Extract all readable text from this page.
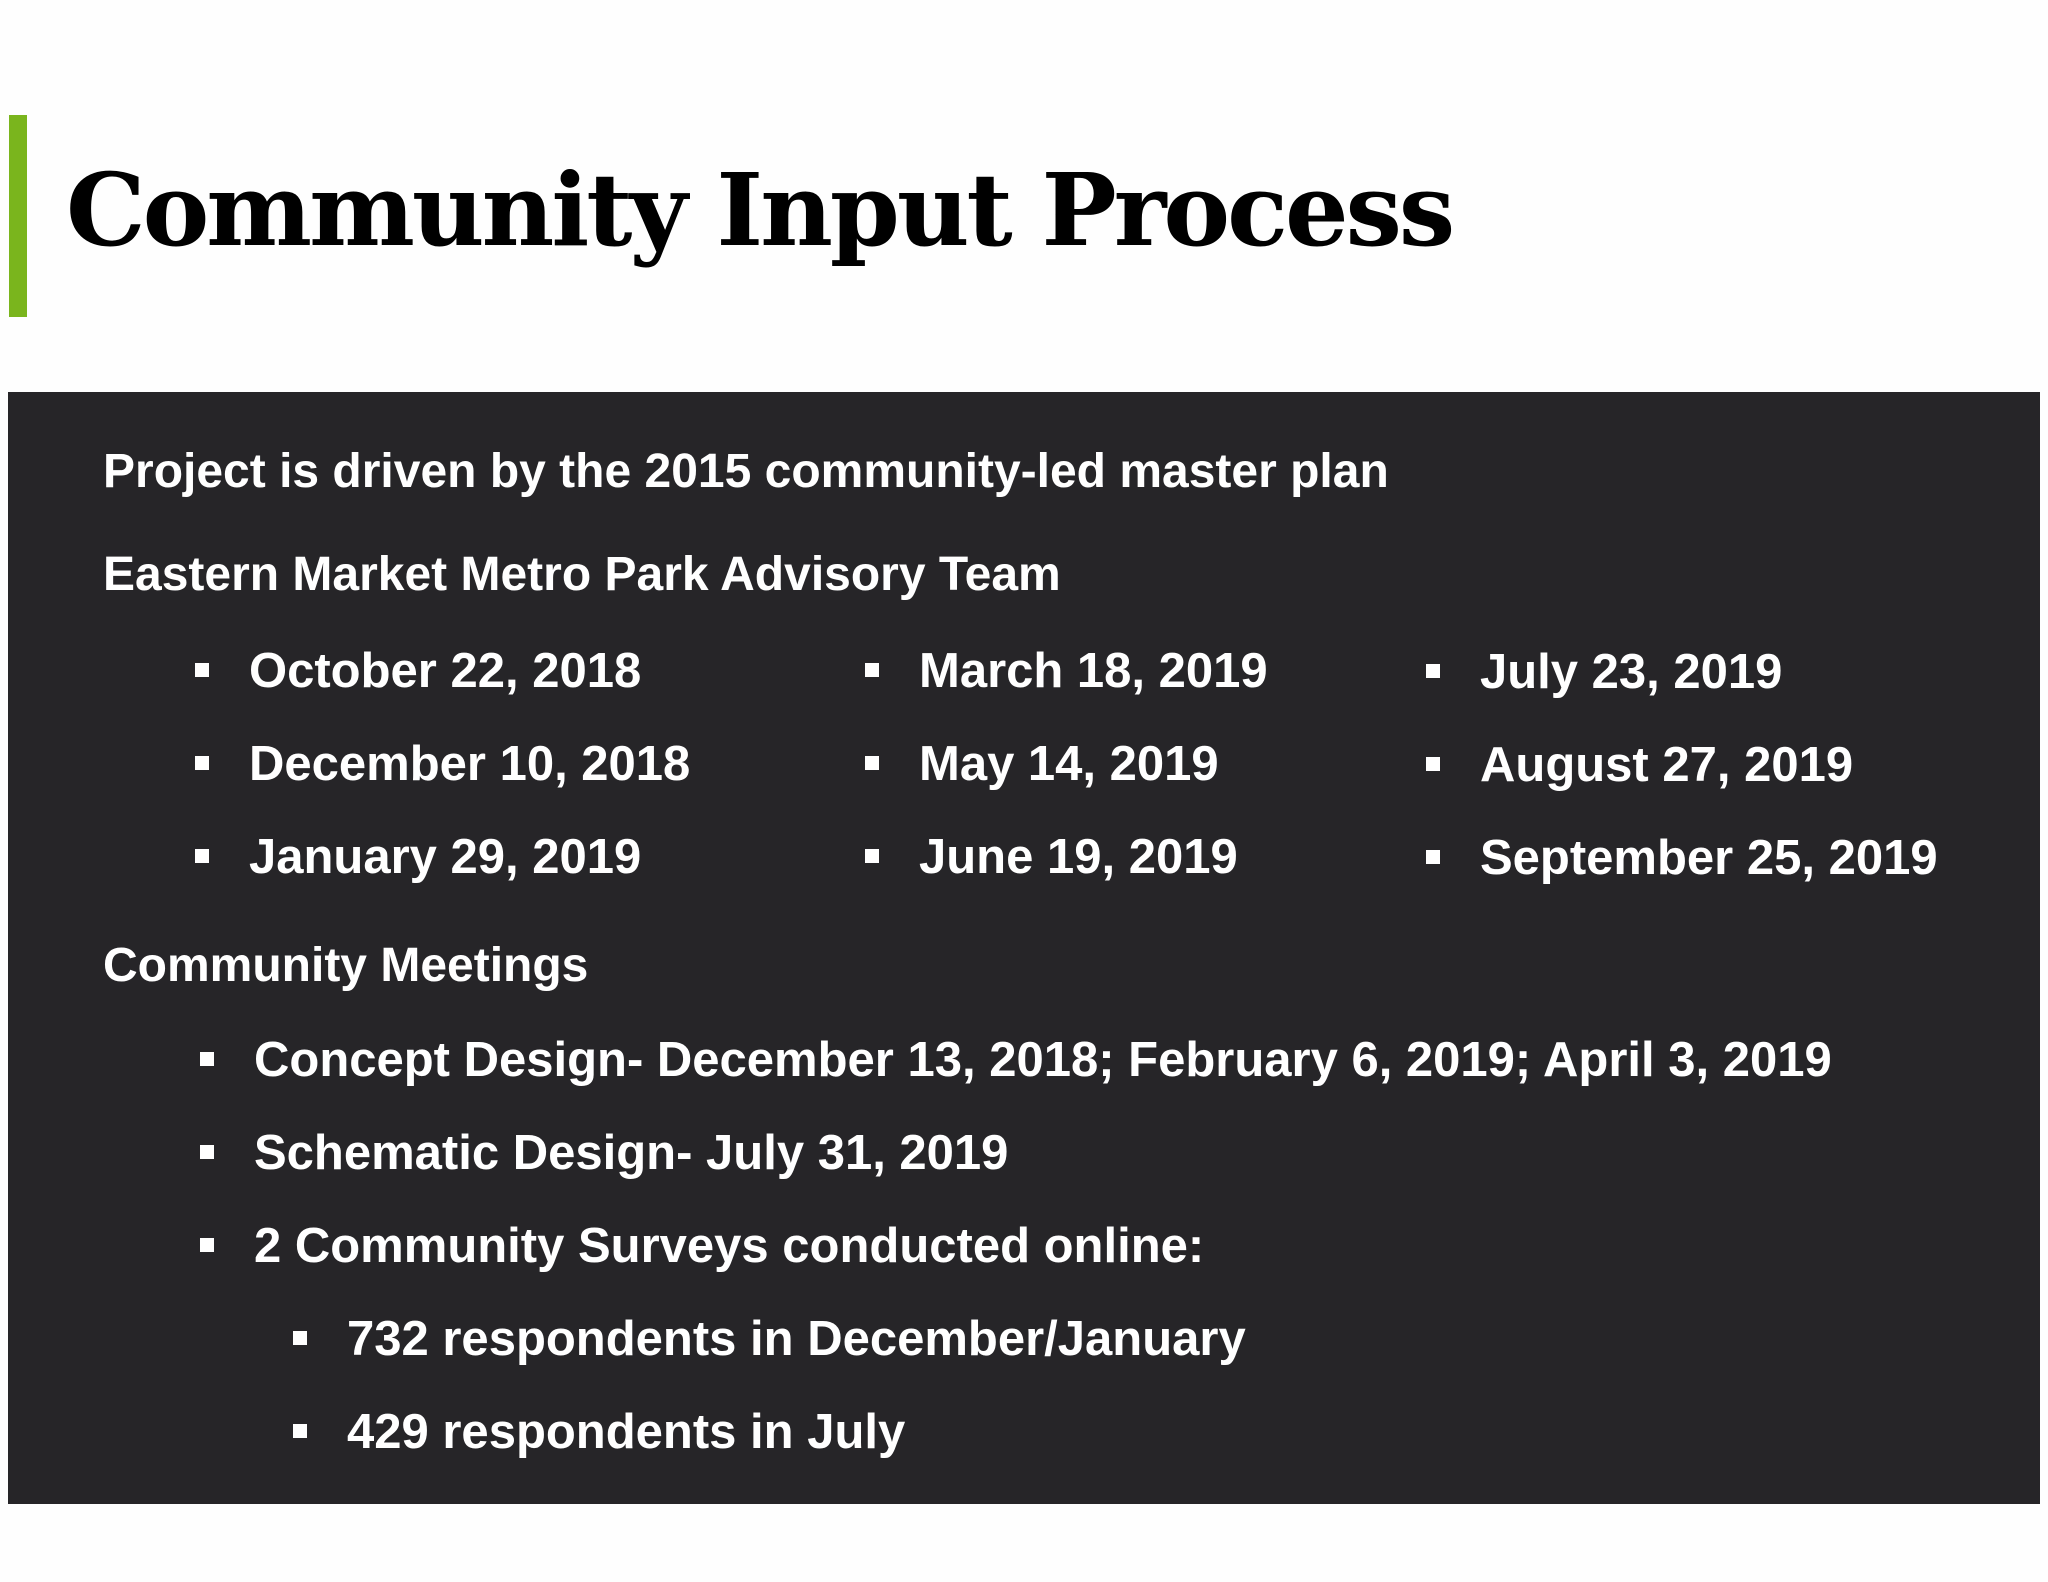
Community Input Process
Project is driven by the 2015 community-led master plan
Eastern Market Metro Park Advisory Team
October 22, 2018
December 10, 2018
January 29, 2019
March 18, 2019
May 14, 2019
June 19, 2019
July 23, 2019
August 27, 2019
September 25, 2019
Community Meetings
Concept Design- December 13, 2018; February 6, 2019; April 3, 2019
Schematic Design- July 31, 2019
2 Community Surveys conducted online:
732 respondents in December/January
429 respondents in July
